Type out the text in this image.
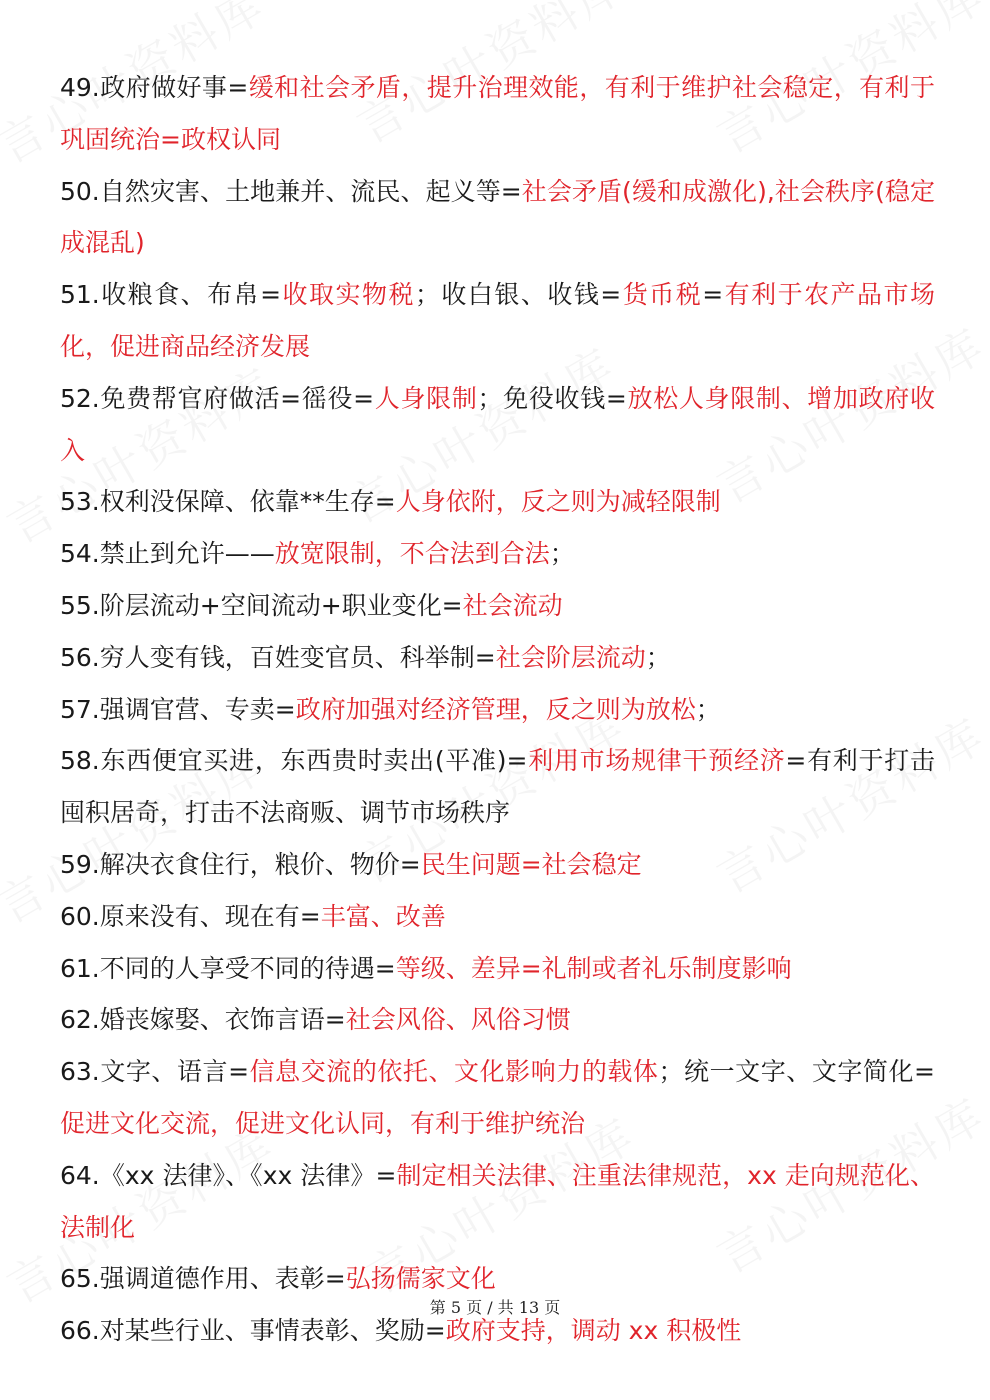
49.政府做好事=缓和社会矛盾，提升治理效能，有利于维护社会稳定，有利于巩固统治=政权认同

50.自然灾害、土地兼并、流民、起义等=社会矛盾(缓和成激化),社会秩序(稳定成混乱)

51.收粮食、布帛=收取实物税；收白银、收钱=货币税=有利于农产品市场化，促进商品经济发展

52.免费帮官府做活=徭役=人身限制；免役收钱=放松人身限制、增加政府收入

53.权利没保障、依靠**生存=人身依附，反之则为减轻限制

54.禁止到允许——放宽限制，不合法到合法；

55.阶层流动+空间流动+职业变化=社会流动

56.穷人变有钱，百姓变官员、科举制=社会阶层流动；

57.强调官营、专卖=政府加强对经济管理，反之则为放松；

58.东西便宜买进，东西贵时卖出(平准)=利用市场规律干预经济=有利于打击囤积居奇，打击不法商贩、调节市场秩序

59.解决衣食住行，粮价、物价=民生问题=社会稳定

60.原来没有、现在有=丰富、改善

61.不同的人享受不同的待遇=等级、差异=礼制或者礼乐制度影响

62.婚丧嫁娶、衣饰言语=社会风俗、风俗习惯

63.文字、语言=信息交流的依托、文化影响力的载体；统一文字、文字简化=促进文化交流，促进文化认同，有利于维护统治

64.《xx 法律》、《xx 法律》=制定相关法律、注重法律规范，xx 走向规范化、法制化

65.强调道德作用、表彰=弘扬儒家文化

66.对某些行业、事情表彰、奖励=政府支持，调动 xx 积极性

第 5 页 / 共 13 页
